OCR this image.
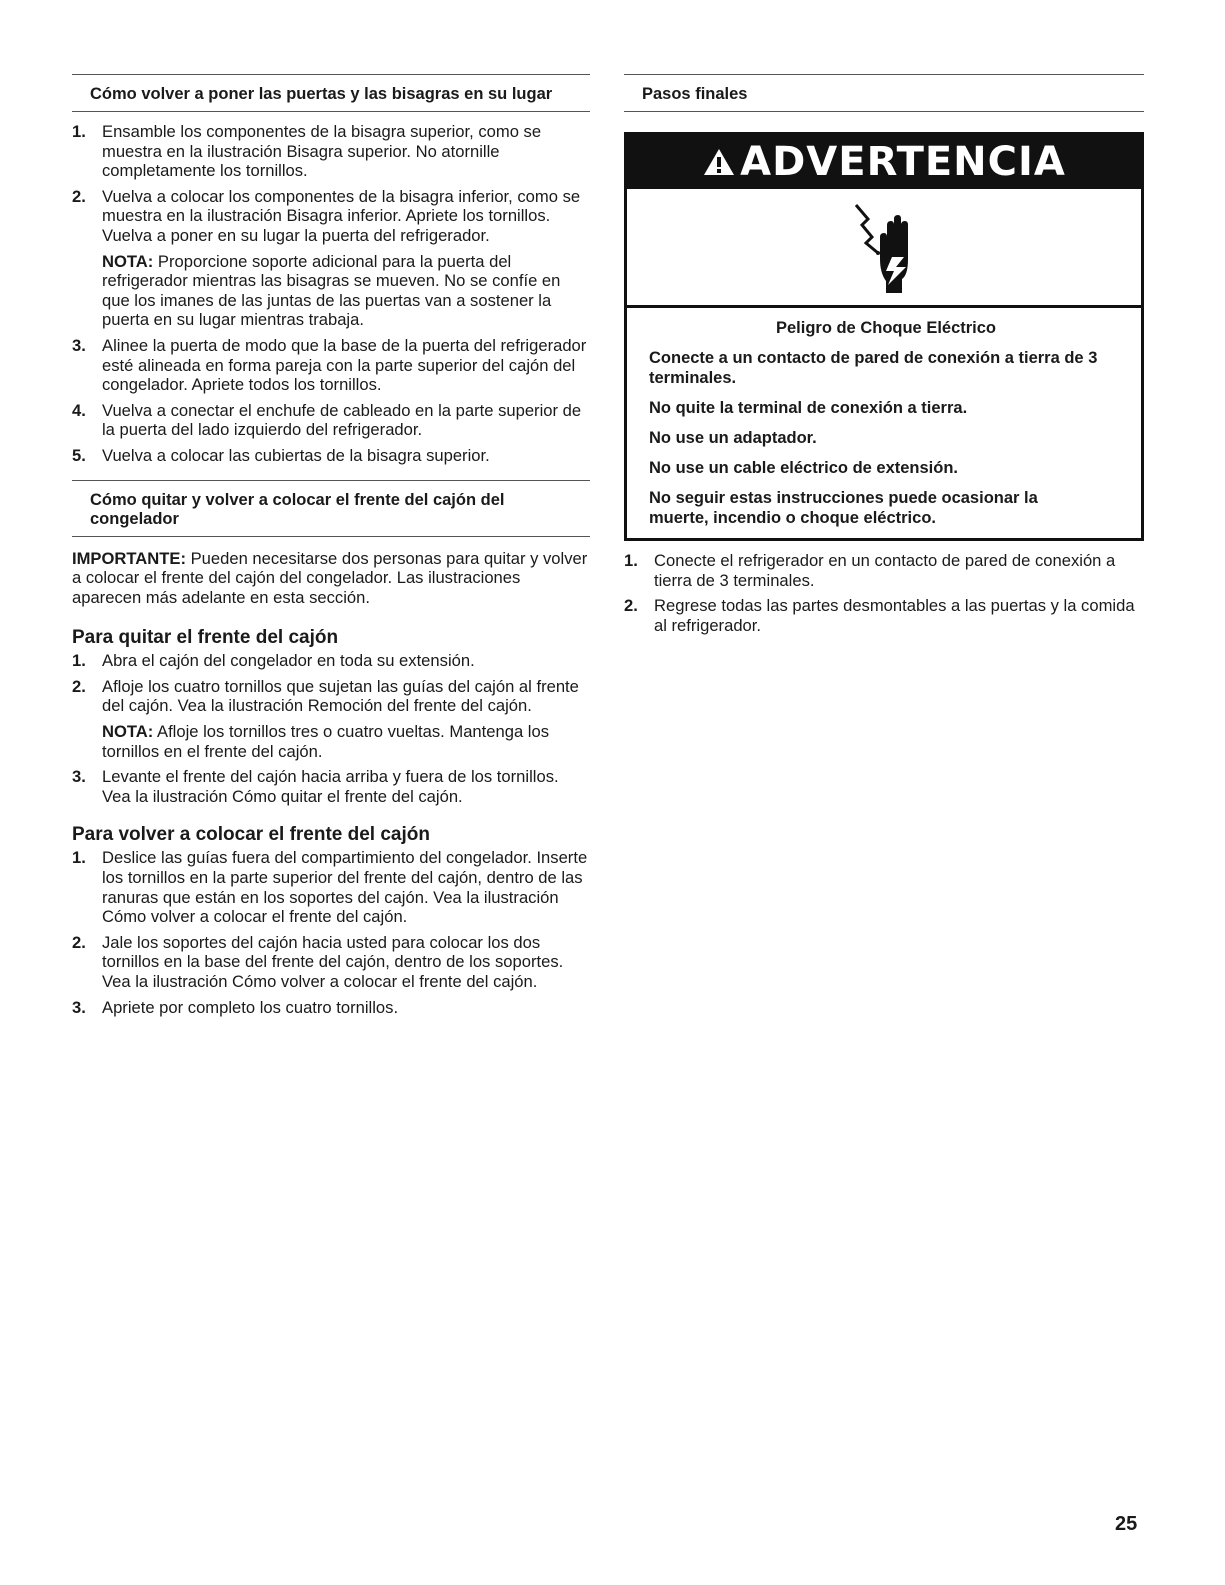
Cómo volver a poner las puertas y las bisagras en su lugar
1. Ensamble los componentes de la bisagra superior, como se muestra en la ilustración Bisagra superior. No atornille completamente los tornillos.
2. Vuelva a colocar los componentes de la bisagra inferior, como se muestra en la ilustración Bisagra inferior. Apriete los tornillos. Vuelva a poner en su lugar la puerta del refrigerador.
NOTA: Proporcione soporte adicional para la puerta del refrigerador mientras las bisagras se mueven. No se confíe en que los imanes de las juntas de las puertas van a sostener la puerta en su lugar mientras trabaja.
3. Alinee la puerta de modo que la base de la puerta del refrigerador esté alineada en forma pareja con la parte superior del cajón del congelador. Apriete todos los tornillos.
4. Vuelva a conectar el enchufe de cableado en la parte superior de la puerta del lado izquierdo del refrigerador.
5. Vuelva a colocar las cubiertas de la bisagra superior.
Cómo quitar y volver a colocar el frente del cajón del congelador

IMPORTANTE: Pueden necesitarse dos personas para quitar y volver a colocar el frente del cajón del congelador. Las ilustraciones aparecen más adelante en esta sección.

Para quitar el frente del cajón
1. Abra el cajón del congelador en toda su extensión.
2. Afloje los cuatro tornillos que sujetan las guías del cajón al frente del cajón. Vea la ilustración Remoción del frente del cajón.
NOTA: Afloje los tornillos tres o cuatro vueltas. Mantenga los tornillos en el frente del cajón.
3. Levante el frente del cajón hacia arriba y fuera de los tornillos. Vea la ilustración Cómo quitar el frente del cajón.
Para volver a colocar el frente del cajón
1. Deslice las guías fuera del compartimiento del congelador. Inserte los tornillos en la parte superior del frente del cajón, dentro de las ranuras que están en los soportes del cajón. Vea la ilustración Cómo volver a colocar el frente del cajón.
2. Jale los soportes del cajón hacia usted para colocar los dos tornillos en la base del frente del cajón, dentro de los soportes. Vea la ilustración Cómo volver a colocar el frente del cajón.
3. Apriete por completo los cuatro tornillos.
Pasos finales
ADVERTENCIA

Peligro de Choque Eléctrico

Conecte a un contacto de pared de conexión a tierra de 3 terminales.

No quite la terminal de conexión a tierra.

No use un adaptador.

No use un cable eléctrico de extensión.

No seguir estas instrucciones puede ocasionar la muerte, incendio o choque eléctrico.

1. Conecte el refrigerador en un contacto de pared de conexión a tierra de 3 terminales.
2. Regrese todas las partes desmontables a las puertas y la comida al refrigerador.
25
